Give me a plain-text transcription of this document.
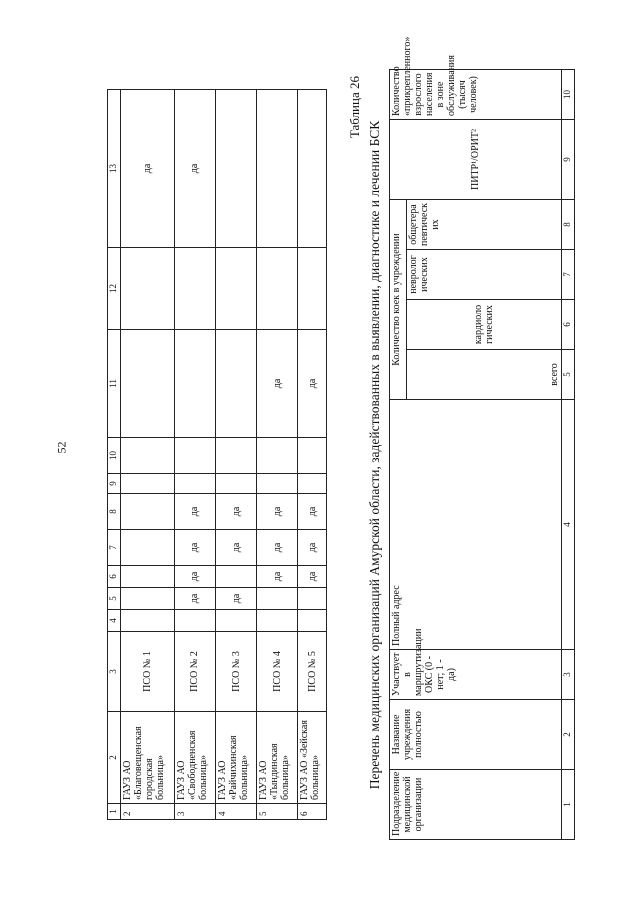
52
1	2	3	4	5	6	7	8	9	10	11	12	13
2	ГАУЗ АО «Благовещенская городская больница»	ПСО № 1										да
3	ГАУЗ АО «Свободненская больница»	ПСО № 2		да	да	да	да					да
4	ГАУЗ АО «Райчихинская больница»	ПСО № 3		да		да	да					
5	ГАУЗ АО «Тындинская больница»	ПСО № 4			да	да	да			да		
6	ГАУЗ АО «Зейская больница»	ПСО № 5			да	да	да			да		
Таблица 26
Перечень медицинских организаций Амурской области, задействованных в выявлении, диагностике и лечении БСК
Подразделение медицинской организации	Название учреждения полностью	Участвует в маршрутизации ОКС (0 - нет; 1 - да)	Полный адрес	Количество коек в учреждении				ПИТР¹/ОРИТ²	Количество «прикрепленного» взрослого населения в зоне обслуживания (тысяч человек)
				всего	кардиологических	неврологических	общетерапевтических		
1	2	3	4	5	6	7	8	9	10
